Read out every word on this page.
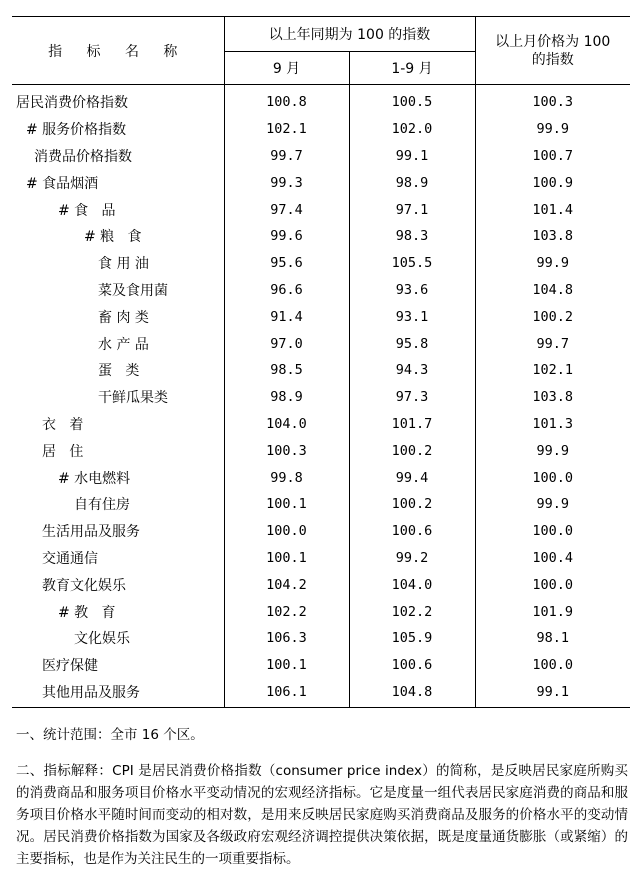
指 标 名 称	以上年同期为 100 的指数		以上月价格为 100
的指数

	9 月	1-9 月	
居民消费价格指数	100.8	100.5	100.3
# 服务价格指数	102.1	102.0	99.9
消费品价格指数	99.7	99.1	100.7
# 食品烟酒	99.3	98.9	100.9
# 食   品	97.4	97.1	101.4
# 粮   食	99.6	98.3	103.8
食 用 油	95.6	105.5	99.9
菜及食用菌	96.6	93.6	104.8
畜 肉 类	91.4	93.1	100.2
水 产 品	97.0	95.8	99.7
蛋   类	98.5	94.3	102.1
干鲜瓜果类	98.9	97.3	103.8
衣   着	104.0	101.7	101.3
居   住	100.3	100.2	99.9
# 水电燃料	99.8	99.4	100.0
自有住房	100.1	100.2	99.9
生活用品及服务	100.0	100.6	100.0
交通通信	100.1	99.2	100.4
教育文化娱乐	104.2	104.0	100.0
# 教   育	102.2	102.2	101.9
文化娱乐	106.3	105.9	98.1
医疗保健	100.1	100.6	100.0
其他用品及服务	106.1	104.8	99.1

一、统计范围：全市 16 个区。

二、指标解释：CPI 是居民消费价格指数（consumer price index）的简称，是反映居民家庭所购买的消费商品和服务项目价格水平变动情况的宏观经济指标。它是度量一组代表居民家庭消费的商品和服务项目价格水平随时间而变动的相对数，是用来反映居民家庭购买消费商品及服务的价格水平的变动情况。居民消费价格指数为国家及各级政府宏观经济调控提供决策依据，既是度量通货膨胀（或紧缩）的主要指标，也是作为关注民生的一项重要指标。
